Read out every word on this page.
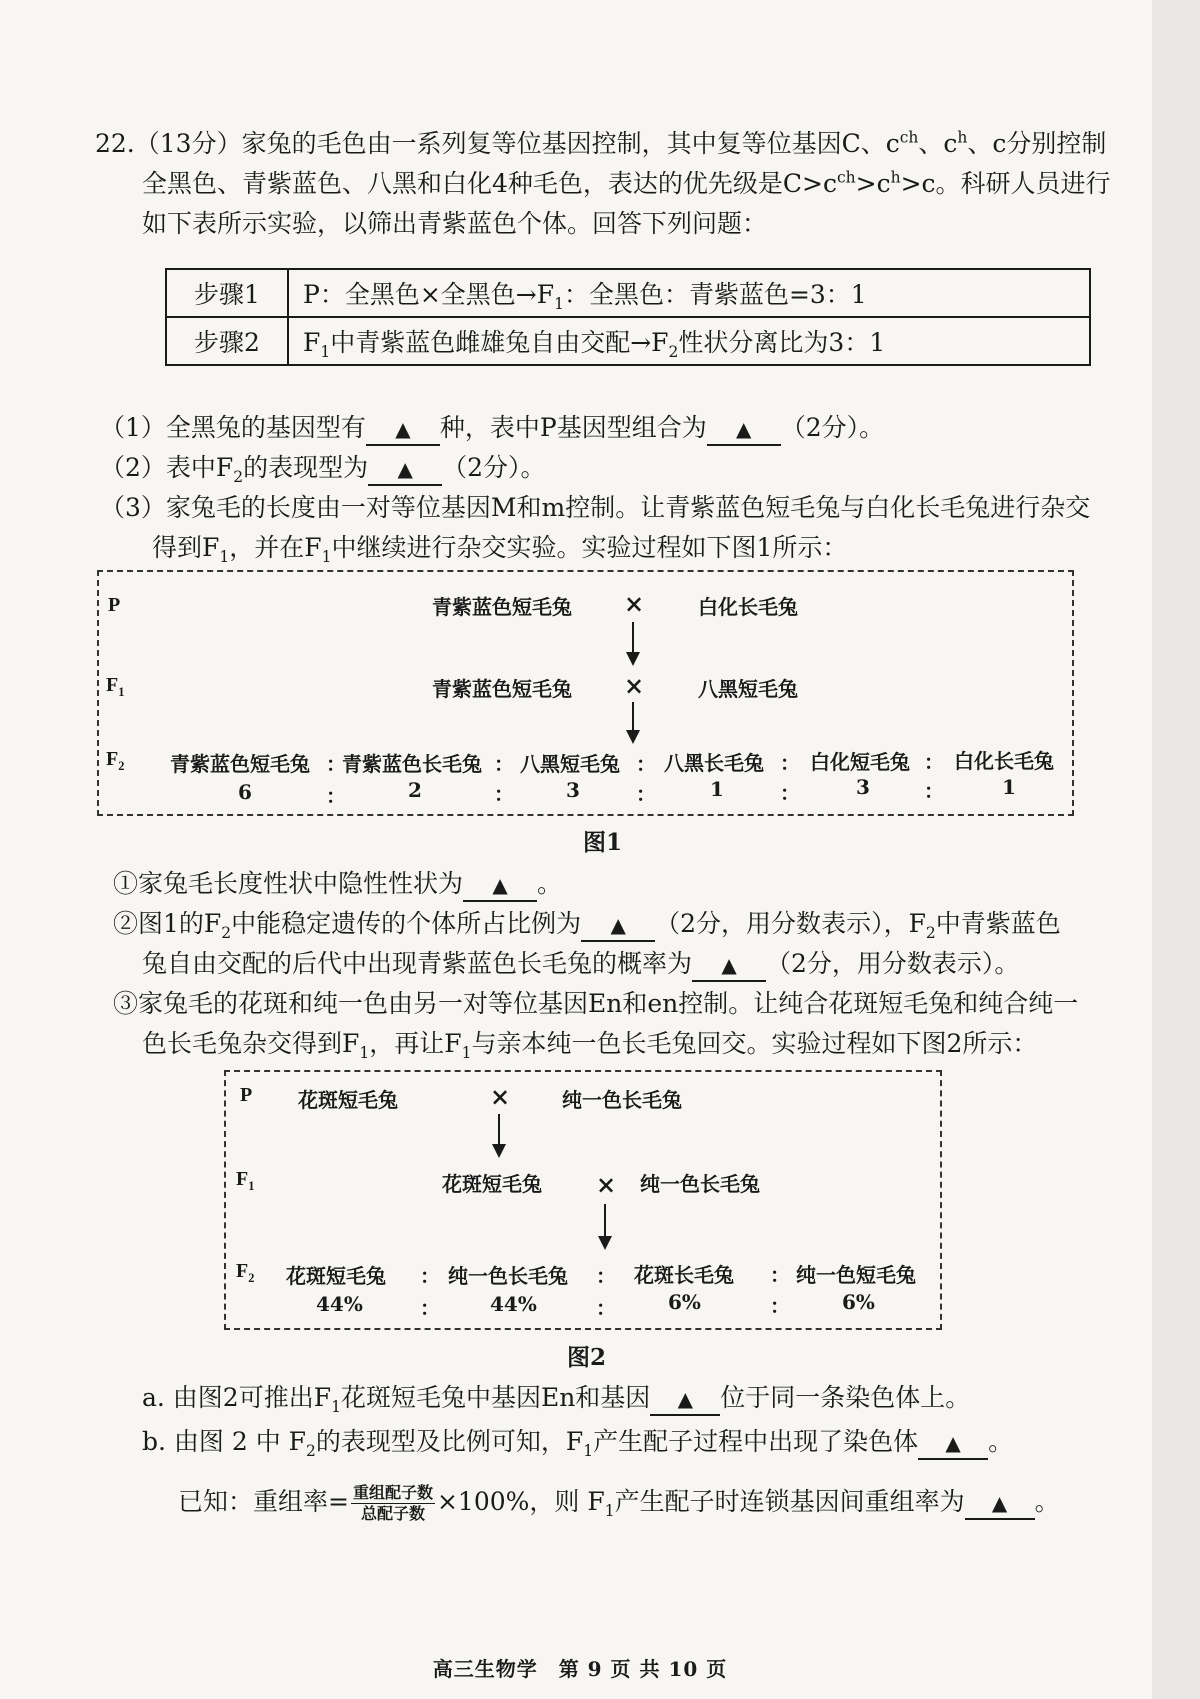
22.（13分）家兔的毛色由一系列复等位基因控制，其中复等位基因C、$c^{ch}$、$c^h$、c分别控制
全黑色、青紫蓝色、八黑和白化4种毛色，表达的优先级是$C>c^{ch}>c^h>c$。科研人员进行
如下表所示实验，以筛出青紫蓝色个体。回答下列问题：
步骤1	P：全黑色×全黑色$\to F_1$：全黑色：青紫蓝色=3：1
步骤2	$F_1$中青紫蓝色雌雄兔自由交配$\to F_2$性状分离比为3：1
（1）全黑兔的基因型有 ▲ 种，表中P基因型组合为 ▲ （2分）。
（2）表中$F_2$的表现型为 ▲ （2分）。
（3）家兔毛的长度由一对等位基因M和m控制。让青紫蓝色短毛兔与白化长毛兔进行杂交
得到$F_1$，并在$F_1$中继续进行杂交实验。实验过程如下图1所示：
P
$F_1$
$F_2$
青紫蓝色短毛兔 ×	白化长毛兔
青紫蓝色短毛兔 ×	八黑短毛兔
青紫蓝色短毛兔 ：
青紫蓝色长毛兔 ： 八黑短毛兔 ： 八黑长毛兔 ： 白化短毛兔 ： 白化长毛兔
6	：	2	：	3	：	1	：	3	：	1
图1
①家兔毛长度性状中隐性性状为 ▲ 。
②图1的$F_2$中能稳定遗传的个体所占比例为 ▲ （2分，用分数表示），$F_2$中青紫蓝色
兔自由交配的后代中出现青紫蓝色长毛兔的概率为 ▲ （2分，用分数表示）。
③家兔毛的花斑和纯一色由另一对等位基因En和en控制。让纯合花斑短毛兔和纯合纯一
色长毛兔杂交得到$F_1$，再让$F_1$与亲本纯一色长毛兔回交。实验过程如下图2所示：
P
$F_1$
$F_2$
花斑短毛兔	×	纯一色长毛兔
花斑短毛兔 × 纯一色长毛兔
花斑短毛兔 ： 纯一色长毛兔 ： 花斑长毛兔 ： 纯一色短毛兔
44%	：	44%	：	6%	：	6%
图2
a. 由图2可推出$F_1$花斑短毛兔中基因En和基因 ▲ 位于同一条染色体上。
b. 由图 2 中 $F_2$的表现型及比例可知，$F_1$产生配子过程中出现了染色体 ▲ 。
已知：重组率= $\frac{\text{重组配子数}}{\text{总配子数}} \times 100\%$，则 $F_1$产生配子时连锁基因间重组率为 ▲ 。
高三生物学　第 9 页 共 10 页
